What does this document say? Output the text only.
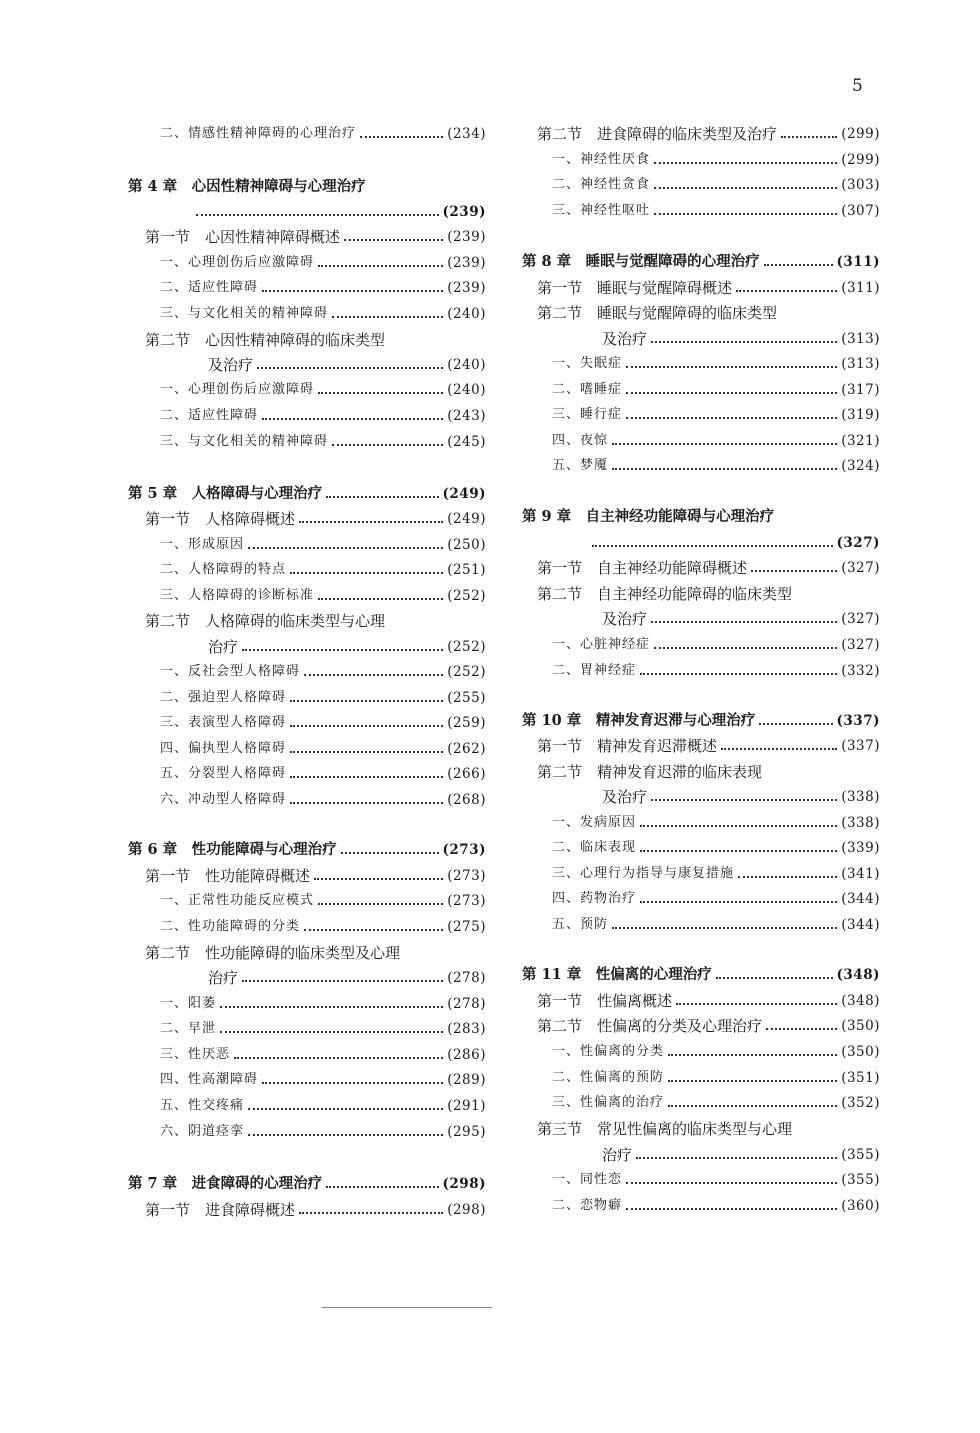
5
二、情感性精神障碍的心理治疗	(234)
第 4 章　心因性精神障碍与心理治疗
(239)
第一节　心因性精神障碍概述	(239)
一、心理创伤后应激障碍	(239)
二、适应性障碍	(239)
三、与文化相关的精神障碍	(240)
第二节　心因性精神障碍的临床类型
及治疗	(240)
一、心理创伤后应激障碍	(240)
二、适应性障碍	(243)
三、与文化相关的精神障碍	(245)
第 5 章　人格障碍与心理治疗	(249)
第一节　人格障碍概述	(249)
一、形成原因	(250)
二、人格障碍的特点	(251)
三、人格障碍的诊断标准	(252)
第二节　人格障碍的临床类型与心理
治疗	(252)
一、反社会型人格障碍	(252)
二、强迫型人格障碍	(255)
三、表演型人格障碍	(259)
四、偏执型人格障碍	(262)
五、分裂型人格障碍	(266)
六、冲动型人格障碍	(268)
第 6 章　性功能障碍与心理治疗	(273)
第一节　性功能障碍概述	(273)
一、正常性功能反应模式	(273)
二、性功能障碍的分类	(275)
第二节　性功能障碍的临床类型及心理
治疗	(278)
一、阳萎	(278)
二、早泄	(283)
三、性厌恶	(286)
四、性高潮障碍	(289)
五、性交疼痛	(291)
六、阴道痉挛	(295)
第 7 章　进食障碍的心理治疗	(298)
第一节　进食障碍概述	(298)
第二节　进食障碍的临床类型及治疗	(299)
一、神经性厌食	(299)
二、神经性贪食	(303)
三、神经性呕吐	(307)
第 8 章　睡眠与觉醒障碍的心理治疗	(311)
第一节　睡眠与觉醒障碍概述	(311)
第二节　睡眠与觉醒障碍的临床类型
及治疗	(313)
一、失眠症	(313)
二、嗜睡症	(317)
三、睡行症	(319)
四、夜惊	(321)
五、梦魇	(324)
第 9 章　自主神经功能障碍与心理治疗
(327)
第一节　自主神经功能障碍概述	(327)
第二节　自主神经功能障碍的临床类型
及治疗	(327)
一、心脏神经症	(327)
二、胃神经症	(332)
第 10 章　精神发育迟滞与心理治疗	(337)
第一节　精神发育迟滞概述	(337)
第二节　精神发育迟滞的临床表现
及治疗	(338)
一、发病原因	(338)
二、临床表现	(339)
三、心理行为指导与康复措施	(341)
四、药物治疗	(344)
五、预防	(344)
第 11 章　性偏离的心理治疗	(348)
第一节　性偏离概述	(348)
第二节　性偏离的分类及心理治疗	(350)
一、性偏离的分类	(350)
二、性偏离的预防	(351)
三、性偏离的治疗	(352)
第三节　常见性偏离的临床类型与心理
治疗	(355)
一、同性恋	(355)
二、恋物癖	(360)
